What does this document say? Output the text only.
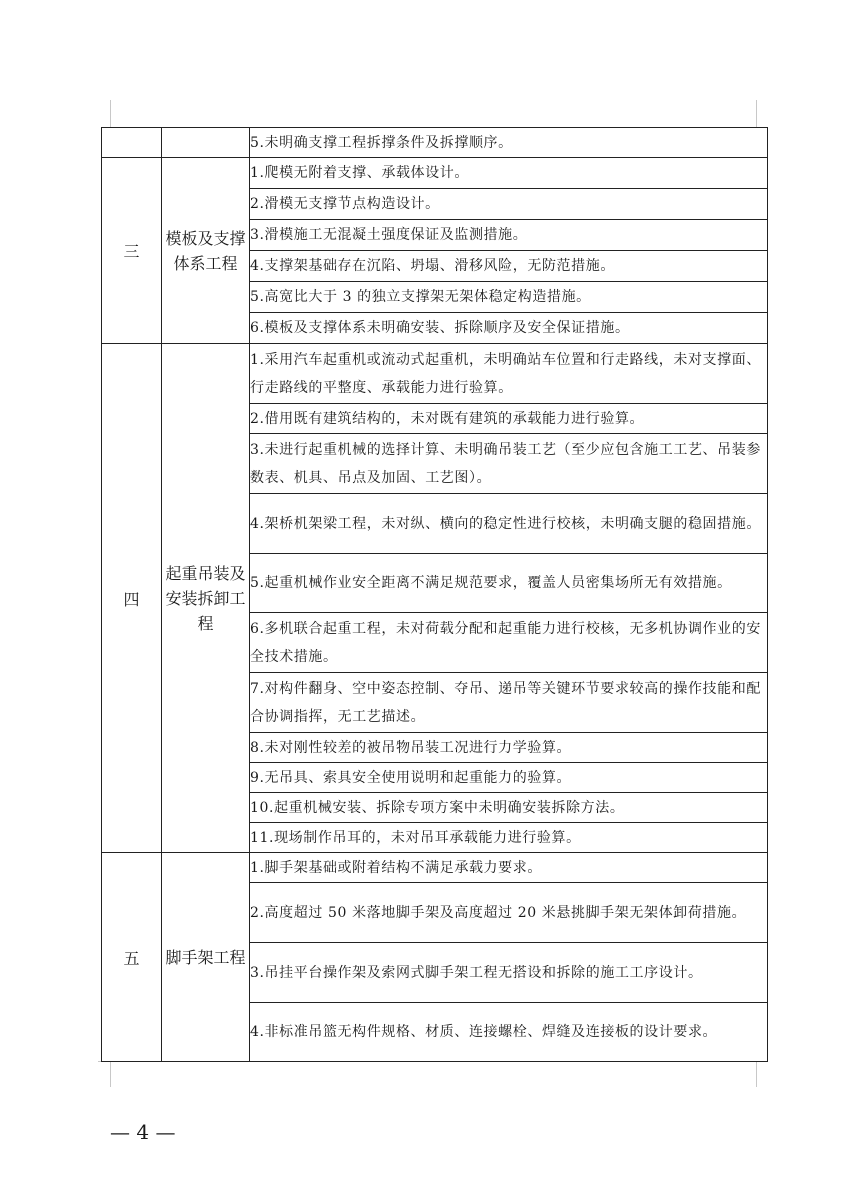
		5.未明确支撑工程拆撑条件及拆撑顺序。
三	模板及支撑体系工程	1.爬模无附着支撑、承载体设计。
		2.滑模无支撑节点构造设计。
		3.滑模施工无混凝土强度保证及监测措施。
		4.支撑架基础存在沉陷、坍塌、滑移风险，无防范措施。
		5.高宽比大于 3 的独立支撑架无架体稳定构造措施。
		6.模板及支撑体系未明确安装、拆除顺序及安全保证措施。
四	起重吊装及安装拆卸工程	1.采用汽车起重机或流动式起重机，未明确站车位置和行走路线，未对支撑面、行走路线的平整度、承载能力进行验算。
		2.借用既有建筑结构的，未对既有建筑的承载能力进行验算。
		3.未进行起重机械的选择计算、未明确吊装工艺（至少应包含施工工艺、吊装参数表、机具、吊点及加固、工艺图）。
		4.架桥机架梁工程，未对纵、横向的稳定性进行校核，未明确支腿的稳固措施。
		5.起重机械作业安全距离不满足规范要求，覆盖人员密集场所无有效措施。
		6.多机联合起重工程，未对荷载分配和起重能力进行校核，无多机协调作业的安全技术措施。
		7.对构件翻身、空中姿态控制、夺吊、递吊等关键环节要求较高的操作技能和配合协调指挥，无工艺描述。
		8.未对刚性较差的被吊物吊装工况进行力学验算。
		9.无吊具、索具安全使用说明和起重能力的验算。
		10.起重机械安装、拆除专项方案中未明确安装拆除方法。
		11.现场制作吊耳的，未对吊耳承载能力进行验算。
五	脚手架工程	1.脚手架基础或附着结构不满足承载力要求。
		2.高度超过 50 米落地脚手架及高度超过 20 米悬挑脚手架无架体卸荷措施。
		3.吊挂平台操作架及索网式脚手架工程无搭设和拆除的施工工序设计。
		4.非标准吊篮无构件规格、材质、连接螺栓、焊缝及连接板的设计要求。
— 4 —
